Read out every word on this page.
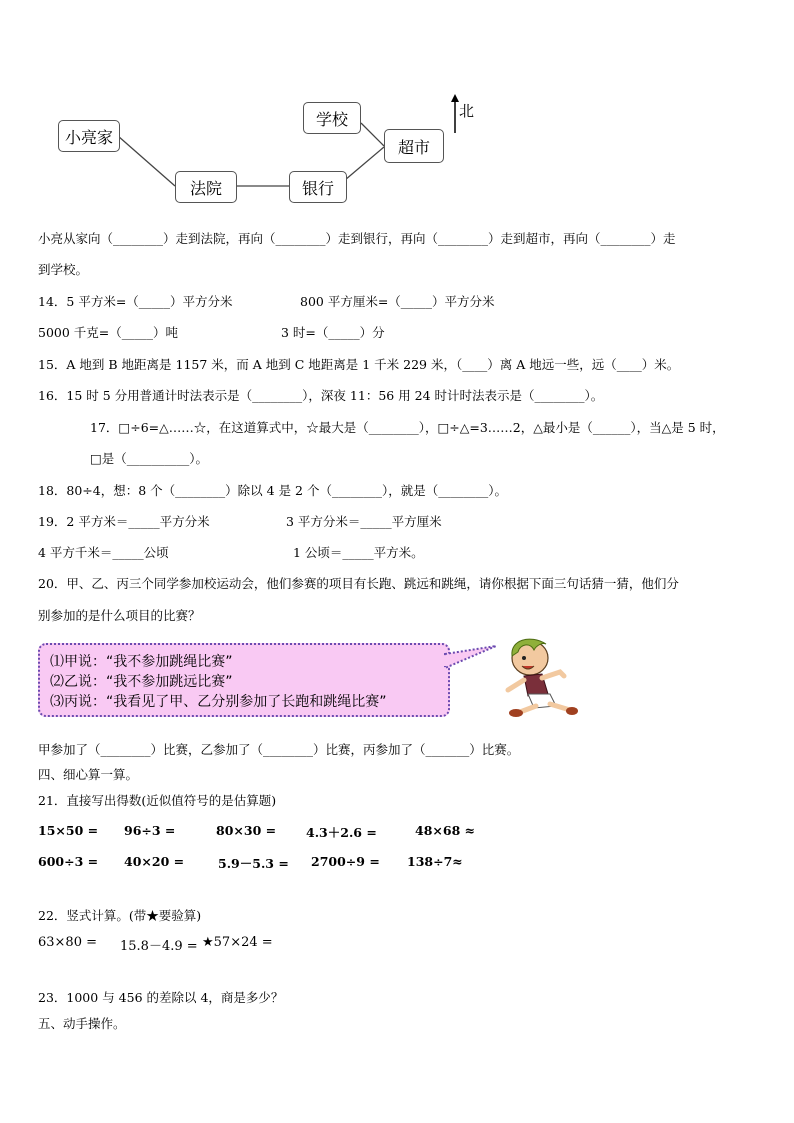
小亮家
学校
法院	银行
超市
北
小亮从家向（________）走到法院，再向（________）走到银行，再向（________）走到超市，再向（________）走
到学校。
14．5 平方米=（_____）平方分米	800 平方厘米=（_____）平方分米
5000 千克=（_____）吨	3 时=（_____）分
15．A 地到 B 地距离是 1157 米，而 A 地到 C 地距离是 1 千米 229 米，（____）离 A 地远一些，远（____）米。
16．15 时 5 分用普通计时法表示是（________），深夜 11：56 用 24 时计时法表示是（________）。
17．□÷6=△……☆，在这道算式中，☆最大是（________），□÷△=3……2，△最小是（______），当△是 5 时，
□是（__________）。
18．80÷4，想：8 个（________）除以 4 是 2 个（________），就是（________）。
19．2 平方米＝_____平方分米	3 平方分米＝_____平方厘米
4 平方千米＝_____公顷	1 公顷＝_____平方米。
20．甲、乙、丙三个同学参加校运动会，他们参赛的项目有长跑、跳远和跳绳，请你根据下面三句话猜一猜，他们分
别参加的是什么项目的比赛？
⑴甲说：“我不参加跳绳比赛”
⑵乙说：“我不参加跳远比赛”
⑶丙说：“我看见了甲、乙分别参加了长跑和跳绳比赛”
甲参加了（________）比赛，乙参加了（________）比赛，丙参加了（_______）比赛。
四、细心算一算。
21．直接写出得数(近似值符号的是估算题)
15×50 = 96÷3 =	80×30 = 4.3＋2.6 =	48×68 ≈
600÷3 = 40×20 =	5.9－5.3 = 2700÷9 = 138÷7≈
22．竖式计算。(带★要验算)
63×80 = 15.8－4.9 = ★57×24 =
23．1000 与 456 的差除以 4，商是多少？
五、动手操作。
